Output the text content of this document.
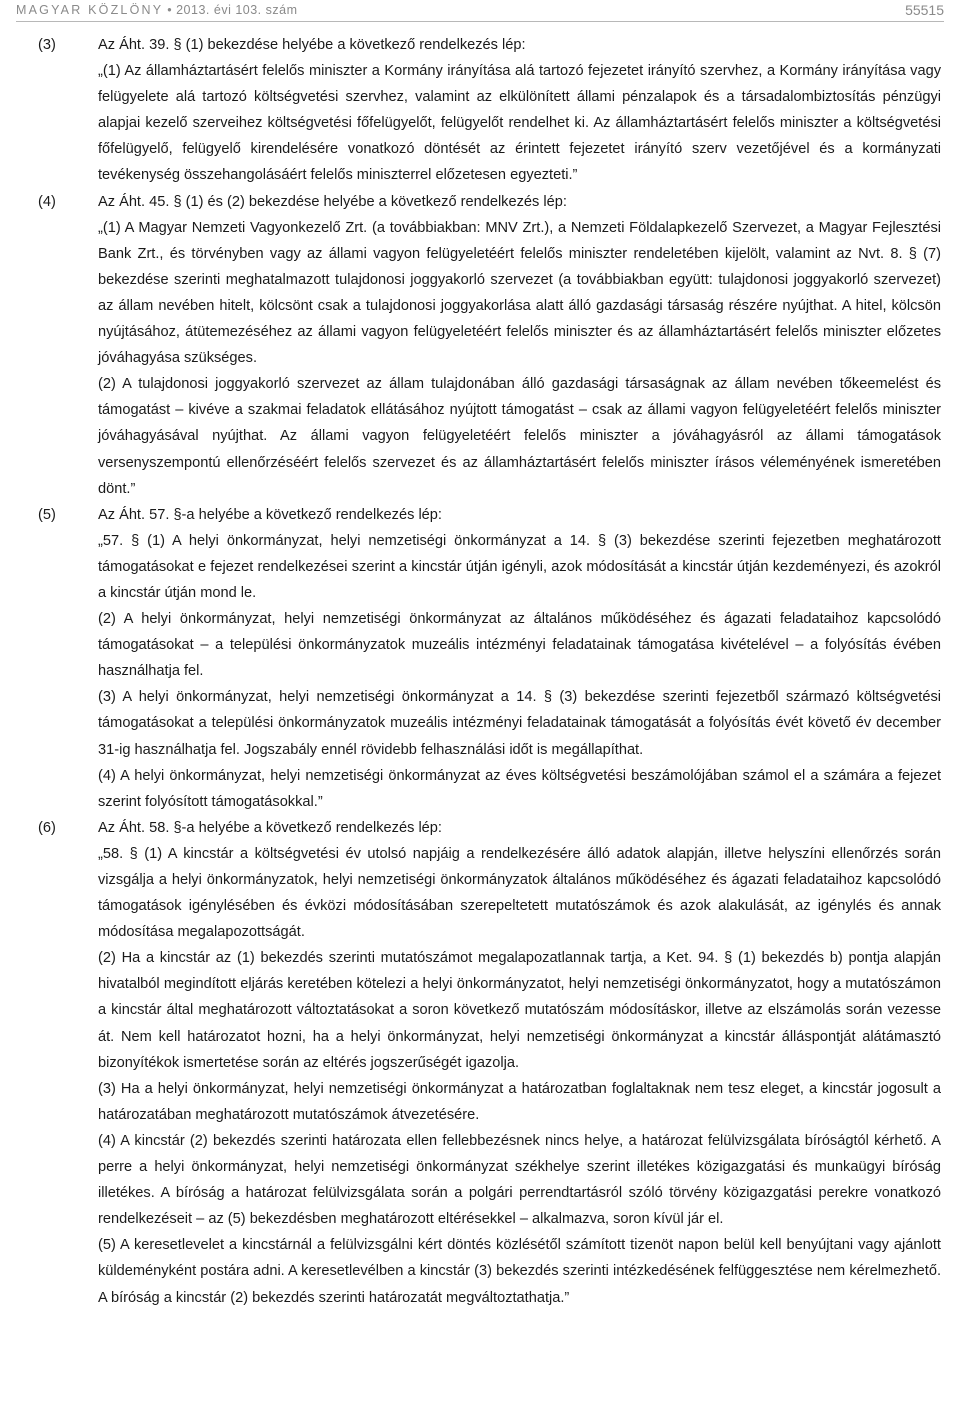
MAGYAR KÖZLÖNY • 2013. évi 103. szám	55515
(3)	Az Áht. 39. § (1) bekezdése helyébe a következő rendelkezés lép:

„(1) Az államháztartásért felelős miniszter a Kormány irányítása alá tartozó fejezetet irányító szervhez, a Kormány irányítása vagy felügyelete alá tartozó költségvetési szervhez, valamint az elkülönített állami pénzalapok és a társadalombiztosítás pénzügyi alapjai kezelő szerveihez költségvetési főfelügyelőt, felügyelőt rendelhet ki. Az államháztartásért felelős miniszter a költségvetési főfelügyelő, felügyelő kirendelésére vonatkozó döntését az érintett fejezetet irányító szerv vezetőjével és a kormányzati tevékenység összehangolásáért felelős miniszterrel előzetesen egyezteti.”

(4)	Az Áht. 45. § (1) és (2) bekezdése helyébe a következő rendelkezés lép:

„(1) A Magyar Nemzeti Vagyonkezelő Zrt. (a továbbiakban: MNV Zrt.), a Nemzeti Földalapkezelő Szervezet, a Magyar Fejlesztési Bank Zrt., és törvényben vagy az állami vagyon felügyeletéért felelős miniszter rendeletében kijelölt, valamint az Nvt. 8. § (7) bekezdése szerinti meghatalmazott tulajdonosi joggyakorló szervezet (a továbbiakban együtt: tulajdonosi joggyakorló szervezet) az állam nevében hitelt, kölcsönt csak a tulajdonosi joggyakorlása alatt álló gazdasági társaság részére nyújthat. A hitel, kölcsön nyújtásához, átütemezéséhez az állami vagyon felügyeletéért felelős miniszter és az államháztartásért felelős miniszter előzetes jóváhagyása szükséges.

(2) A tulajdonosi joggyakorló szervezet az állam tulajdonában álló gazdasági társaságnak az állam nevében tőkeemelést és támogatást – kivéve a szakmai feladatok ellátásához nyújtott támogatást – csak az állami vagyon felügyeletéért felelős miniszter jóváhagyásával nyújthat. Az állami vagyon felügyeletéért felelős miniszter a jóváhagyásról az állami támogatások versenyszempontú ellenőrzéséért felelős szervezet és az államháztartásért felelős miniszter írásos véleményének ismeretében dönt.”

(5)	Az Áht. 57. §-a helyébe a következő rendelkezés lép:

„57. § (1) A helyi önkormányzat, helyi nemzetiségi önkormányzat a 14. § (3) bekezdése szerinti fejezetben meghatározott támogatásokat e fejezet rendelkezései szerint a kincstár útján igényli, azok módosítását a kincstár útján kezdeményezi, és azokról a kincstár útján mond le.

(2) A helyi önkormányzat, helyi nemzetiségi önkormányzat az általános működéséhez és ágazati feladataihoz kapcsolódó támogatásokat – a települési önkormányzatok muzeális intézményi feladatainak támogatása kivételével – a folyósítás évében használhatja fel.

(3) A helyi önkormányzat, helyi nemzetiségi önkormányzat a 14. § (3) bekezdése szerinti fejezetből származó költségvetési támogatásokat a települési önkormányzatok muzeális intézményi feladatainak támogatását a folyósítás évét követő év december 31-ig használhatja fel. Jogszabály ennél rövidebb felhasználási időt is megállapíthat.

(4) A helyi önkormányzat, helyi nemzetiségi önkormányzat az éves költségvetési beszámolójában számol el a számára a fejezet szerint folyósított támogatásokkal.”

(6)	Az Áht. 58. §-a helyébe a következő rendelkezés lép:

„58. § (1) A kincstár a költségvetési év utolsó napjáig a rendelkezésére álló adatok alapján, illetve helyszíni ellenőrzés során vizsgálja a helyi önkormányzatok, helyi nemzetiségi önkormányzatok általános működéséhez és ágazati feladataihoz kapcsolódó támogatások igénylésében és évközi módosításában szerepeltetett mutatószámok és azok alakulását, az igénylés és annak módosítása megalapozottságát.

(2) Ha a kincstár az (1) bekezdés szerinti mutatószámot megalapozatlannak tartja, a Ket. 94. § (1) bekezdés b) pontja alapján hivatalból megindított eljárás keretében kötelezi a helyi önkormányzatot, helyi nemzetiségi önkormányzatot, hogy a mutatószámon a kincstár által meghatározott változtatásokat a soron következő mutatószám módosításkor, illetve az elszámolás során vezesse át. Nem kell határozatot hozni, ha a helyi önkormányzat, helyi nemzetiségi önkormányzat a kincstár álláspontját alátámasztó bizonyítékok ismertetése során az eltérés jogszerűségét igazolja.

(3) Ha a helyi önkormányzat, helyi nemzetiségi önkormányzat a határozatban foglaltaknak nem tesz eleget, a kincstár jogosult a határozatában meghatározott mutatószámok átvezetésére.

(4) A kincstár (2) bekezdés szerinti határozata ellen fellebbezésnek nincs helye, a határozat felülvizsgálata bíróságtól kérhető. A perre a helyi önkormányzat, helyi nemzetiségi önkormányzat székhelye szerint illetékes közigazgatási és munkaügyi bíróság illetékes. A bíróság a határozat felülvizsgálata során a polgári perrendtartásról szóló törvény közigazgatási perekre vonatkozó rendelkezéseit – az (5) bekezdésben meghatározott eltérésekkel – alkalmazva, soron kívül jár el.

(5) A keresetlevelet a kincstárnál a felülvizsgálni kért döntés közlésétől számított tizenöt napon belül kell benyújtani vagy ajánlott küldeményként postára adni. A keresetlevélben a kincstár (3) bekezdés szerinti intézkedésének felfüggesztése nem kérelmezhető. A bíróság a kincstár (2) bekezdés szerinti határozatát megváltoztathatja.”
